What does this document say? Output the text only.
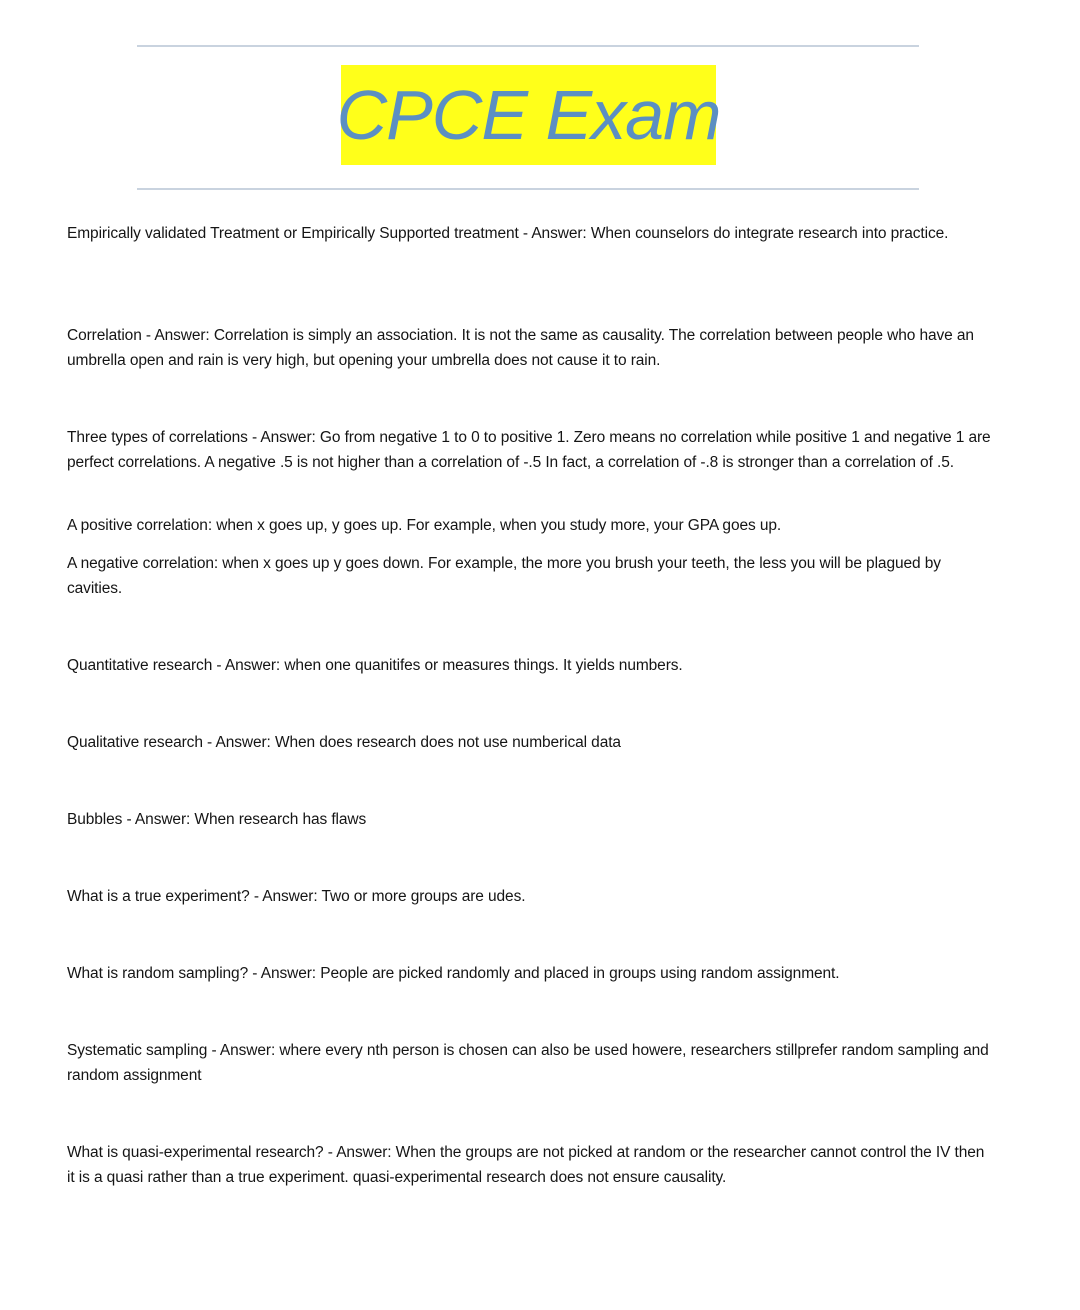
CPCE Exam

Empirically validated Treatment or Empirically Supported treatment - Answer: When counselors do integrate research into practice.

Correlation - Answer: Correlation is simply an association. It is not the same as causality. The correlation between people who have an umbrella open and rain is very high, but opening your umbrella does not cause it to rain.

Three types of correlations - Answer: Go from negative 1 to 0 to positive 1. Zero means no correlation while positive 1 and negative 1 are perfect correlations. A negative .5 is not higher than a correlation of -.5 In fact, a correlation of -.8 is stronger than a correlation of .5.

A positive correlation: when x goes up, y goes up. For example, when you study more, your GPA goes up.

A negative correlation: when x goes up y goes down. For example, the more you brush your teeth, the less you will be plagued by cavities.

Quantitative research - Answer: when one quanitifes or measures things. It yields numbers.

Qualitative research - Answer: When does research does not use numberical data

Bubbles - Answer: When research has flaws

What is a true experiment? - Answer: Two or more groups are udes.

What is random sampling? - Answer: People are picked randomly and placed in groups using random assignment.

Systematic sampling - Answer: where every nth person is chosen can also be used howere, researchers stillprefer random sampling and random assignment

What is quasi-experimental research? - Answer: When the groups are not picked at random or the researcher cannot control the IV then it is a quasi rather than a true experiment. quasi-experimental research does not ensure causality.
